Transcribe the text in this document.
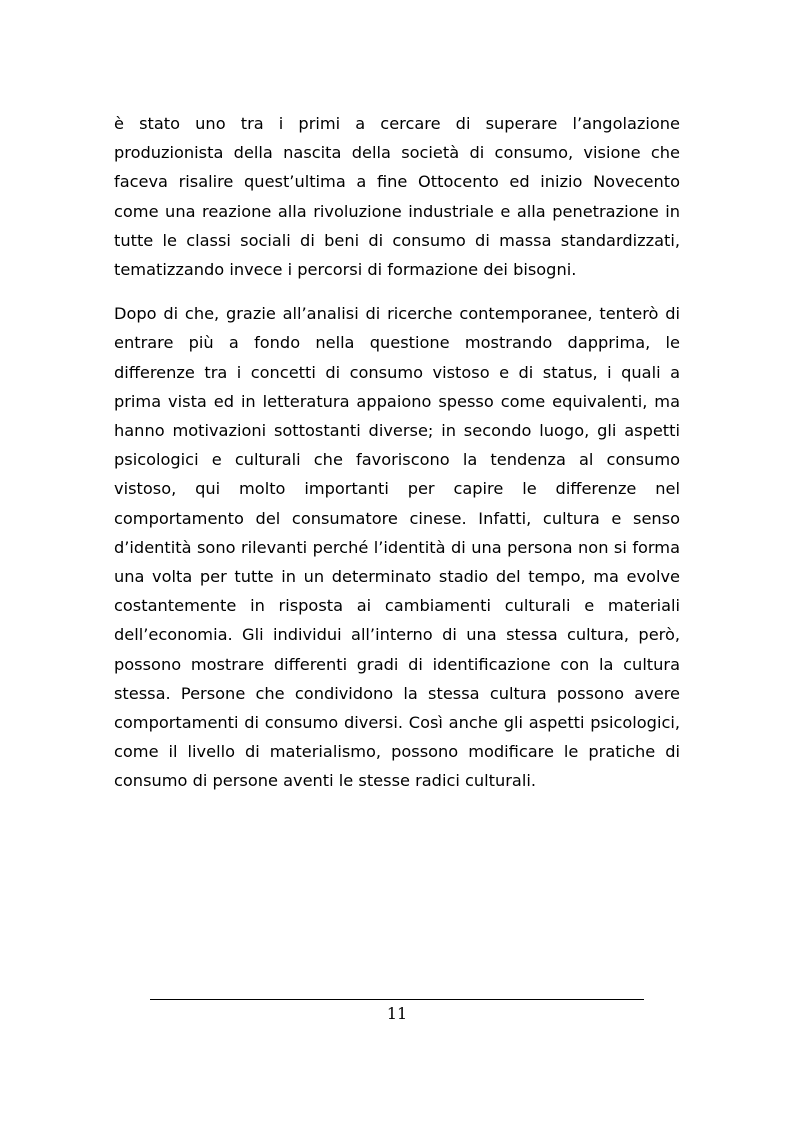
è stato uno tra i primi a cercare di superare l’angolazione produzionista della nascita della società di consumo, visione che faceva risalire quest’ultima a fine Ottocento ed inizio Novecento come una reazione alla rivoluzione industriale e alla penetrazione in tutte le classi sociali di beni di consumo di massa standardizzati, tematizzando invece i percorsi di formazione dei bisogni.

Dopo di che, grazie all’analisi di ricerche contemporanee, tenterò di entrare più a fondo nella questione mostrando dapprima, le differenze tra i concetti di consumo vistoso e di status, i quali a prima vista ed in letteratura appaiono spesso come equivalenti, ma hanno motivazioni sottostanti diverse; in secondo luogo, gli aspetti psicologici e culturali che favoriscono la tendenza al consumo vistoso, qui molto importanti per capire le differenze nel comportamento del consumatore cinese. Infatti, cultura e senso d’identità sono rilevanti perché l’identità di una persona non si forma una volta per tutte in un determinato stadio del tempo, ma evolve costantemente in risposta ai cambiamenti culturali e materiali dell’economia. Gli individui all’interno di una stessa cultura, però, possono mostrare differenti gradi di identificazione con la cultura stessa. Persone che condividono la stessa cultura possono avere comportamenti di consumo diversi. Così anche gli aspetti psicologici, come il livello di materialismo, possono modificare le pratiche di consumo di persone aventi le stesse radici culturali.

11
